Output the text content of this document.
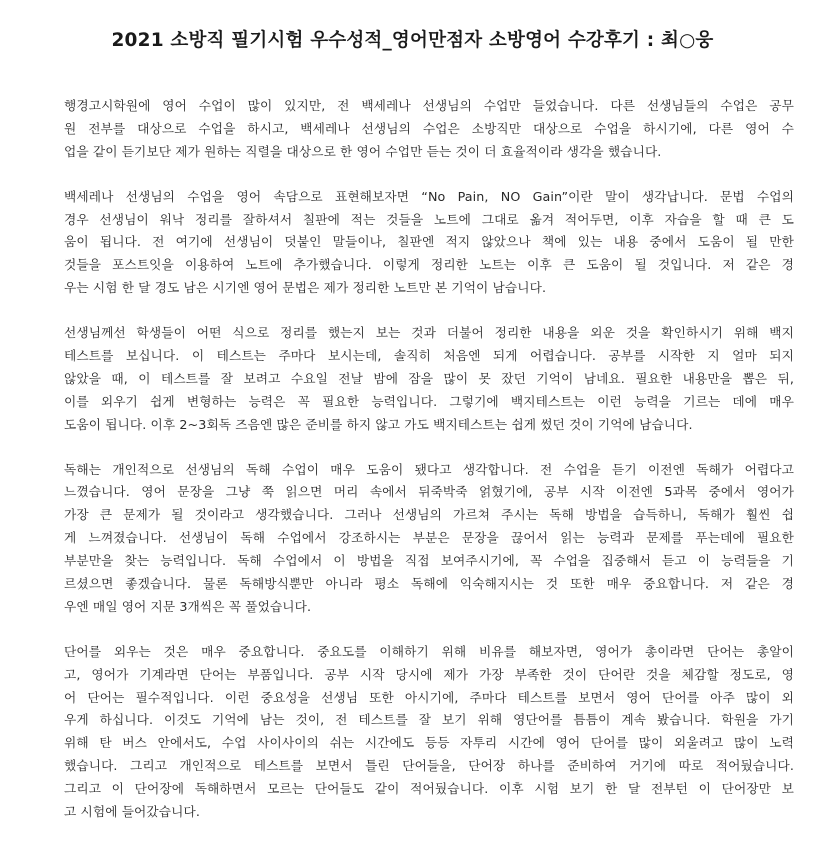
2021 소방직 필기시험 우수성적_영어만점자 소방영어 수강후기 : 최○웅
행경고시학원에 영어 수업이 많이 있지만, 전 백세레나 선생님의 수업만 들었습니다. 다른 선생님들의 수업은 공무
원 전부를 대상으로 수업을 하시고, 백세레나 선생님의 수업은 소방직만 대상으로 수업을 하시기에, 다른 영어 수
업을 같이 듣기보단 제가 원하는 직렬을 대상으로 한 영어 수업만 듣는 것이 더 효율적이라 생각을 했습니다.
백세레나 선생님의 수업을 영어 속담으로 표현해보자면 “No Pain, NO Gain”이란 말이 생각납니다. 문법 수업의
경우 선생님이 워낙 정리를 잘하셔서 칠판에 적는 것들을 노트에 그대로 옮겨 적어두면, 이후 자습을 할 때 큰 도
움이 됩니다. 전 여기에 선생님이 덧붙인 말들이나, 칠판엔 적지 않았으나 책에 있는 내용 중에서 도움이 될 만한
것들을 포스트잇을 이용하여 노트에 추가했습니다. 이렇게 정리한 노트는 이후 큰 도움이 될 것입니다. 저 같은 경
우는 시험 한 달 경도 남은 시기엔 영어 문법은 제가 정리한 노트만 본 기억이 남습니다.
선생님께선 학생들이 어떤 식으로 정리를 했는지 보는 것과 더불어 정리한 내용을 외운 것을 확인하시기 위해 백지
테스트를 보십니다. 이 테스트는 주마다 보시는데, 솔직히 처음엔 되게 어렵습니다. 공부를 시작한 지 얼마 되지
않았을 때, 이 테스트를 잘 보려고 수요일 전날 밤에 잠을 많이 못 잤던 기억이 남네요. 필요한 내용만을 뽑은 뒤,
이를 외우기 쉽게 변형하는 능력은 꼭 필요한 능력입니다. 그렇기에 백지테스트는 이런 능력을 기르는 데에 매우
도움이 됩니다. 이후 2~3회독 즈음엔 많은 준비를 하지 않고 가도 백지테스트는 쉽게 썼던 것이 기억에 남습니다.
독해는 개인적으로 선생님의 독해 수업이 매우 도움이 됐다고 생각합니다. 전 수업을 듣기 이전엔 독해가 어렵다고
느꼈습니다. 영어 문장을 그냥 쭉 읽으면 머리 속에서 뒤죽박죽 얽혔기에, 공부 시작 이전엔 5과목 중에서 영어가
가장 큰 문제가 될 것이라고 생각했습니다. 그러나 선생님의 가르쳐 주시는 독해 방법을 습득하니, 독해가 훨씬 쉽
게 느껴졌습니다. 선생님이 독해 수업에서 강조하시는 부분은 문장을 끊어서 읽는 능력과 문제를 푸는데에 필요한
부분만을 찾는 능력입니다. 독해 수업에서 이 방법을 직접 보여주시기에, 꼭 수업을 집중해서 듣고 이 능력들을 기
르셨으면 좋겠습니다. 물론 독해방식뿐만 아니라 평소 독해에 익숙해지시는 것 또한 매우 중요합니다. 저 같은 경
우엔 매일 영어 지문 3개씩은 꼭 풀었습니다.
단어를 외우는 것은 매우 중요합니다. 중요도를 이해하기 위해 비유를 해보자면, 영어가 총이라면 단어는 총알이
고, 영어가 기계라면 단어는 부품입니다. 공부 시작 당시에 제가 가장 부족한 것이 단어란 것을 체감할 정도로, 영
어 단어는 필수적입니다. 이런 중요성을 선생님 또한 아시기에, 주마다 테스트를 보면서 영어 단어를 아주 많이 외
우게 하십니다. 이것도 기억에 남는 것이, 전 테스트를 잘 보기 위해 영단어를 틈틈이 계속 봤습니다. 학원을 가기
위해 탄 버스 안에서도, 수업 사이사이의 쉬는 시간에도 등등 자투리 시간에 영어 단어를 많이 외울려고 많이 노력
했습니다. 그리고 개인적으로 테스트를 보면서 틀린 단어들을, 단어장 하나를 준비하여 거기에 따로 적어뒀습니다.
그리고 이 단어장에 독해하면서 모르는 단어들도 같이 적어뒀습니다. 이후 시험 보기 한 달 전부턴 이 단어장만 보
고 시험에 들어갔습니다.
